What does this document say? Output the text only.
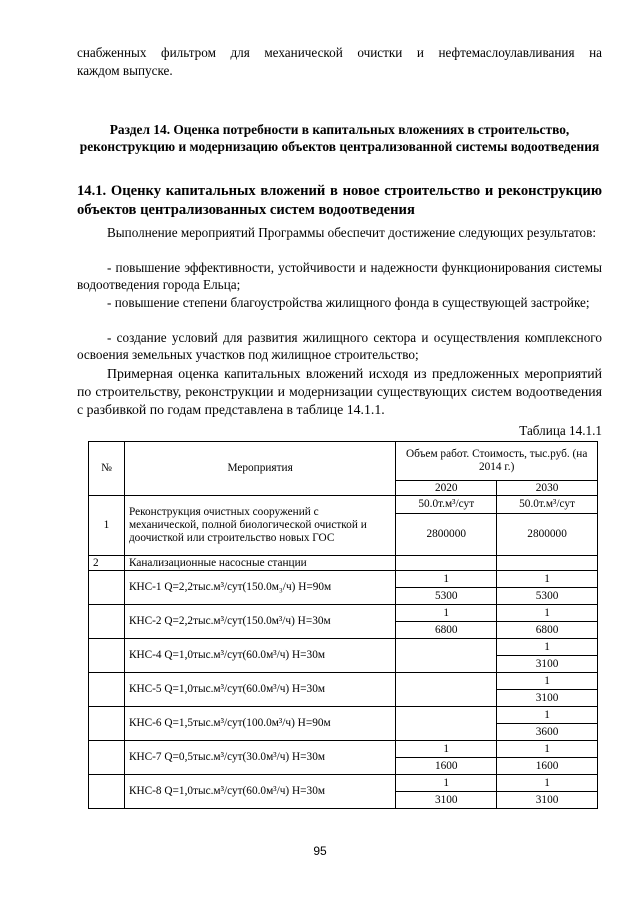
снабженных фильтром для механической очистки и нефтемаслоулавливания на

каждом выпуске.

Раздел 14. Оценка потребности в капитальных вложениях в строительство, реконструкцию и модернизацию объектов централизованной системы водоотведения

14.1. Оценку капитальных вложений в новое строительство и реконструкцию объектов централизованных систем водоотведения

Выполнение мероприятий Программы обеспечит достижение следующих результатов:

- повышение эффективности, устойчивости и надежности функционирования системы водоотведения города Ельца;

- повышение степени благоустройства жилищного фонда в существующей застройке;

- создание условий для развития жилищного сектора и осуществления комплексного освоения земельных участков под жилищное строительство;

Примерная оценка капитальных вложений исходя из предложенных мероприятий по строительству, реконструкции и модернизации существующих систем водоотведения с разбивкой по годам представлена в таблице 14.1.1.

Таблица 14.1.1
№	Мероприятия	Объем работ. Стоимость, тыс.руб. (на 2014 г.)	
		2020	2030
1	Реконструкция очистных сооружений с механической, полной биологической очисткой и доочисткой или строительство новых ГОС	50.0т.м³/сут	50.0т.м³/сут
		2800000	2800000
2	Канализационные насосные станции		
	КНС-1 Q=2,2тыс.м³/сут(150.0м₃/ч) Н=90м	1	1
		5300	5300
	КНС-2 Q=2,2тыс.м³/сут(150.0м³/ч) Н=30м	1	1
		6800	6800
	КНС-4 Q=1,0тыс.м³/сут(60.0м³/ч) Н=30м		1
			3100
	КНС-5 Q=1,0тыс.м³/сут(60.0м³/ч) Н=30м		1
			3100
	КНС-6 Q=1,5тыс.м³/сут(100.0м³/ч) Н=90м		1
			3600
	КНС-7 Q=0,5тыс.м³/сут(30.0м³/ч) Н=30м	1	1
		1600	1600
	КНС-8 Q=1,0тыс.м³/сут(60.0м³/ч) Н=30м	1	1
		3100	3100
95
